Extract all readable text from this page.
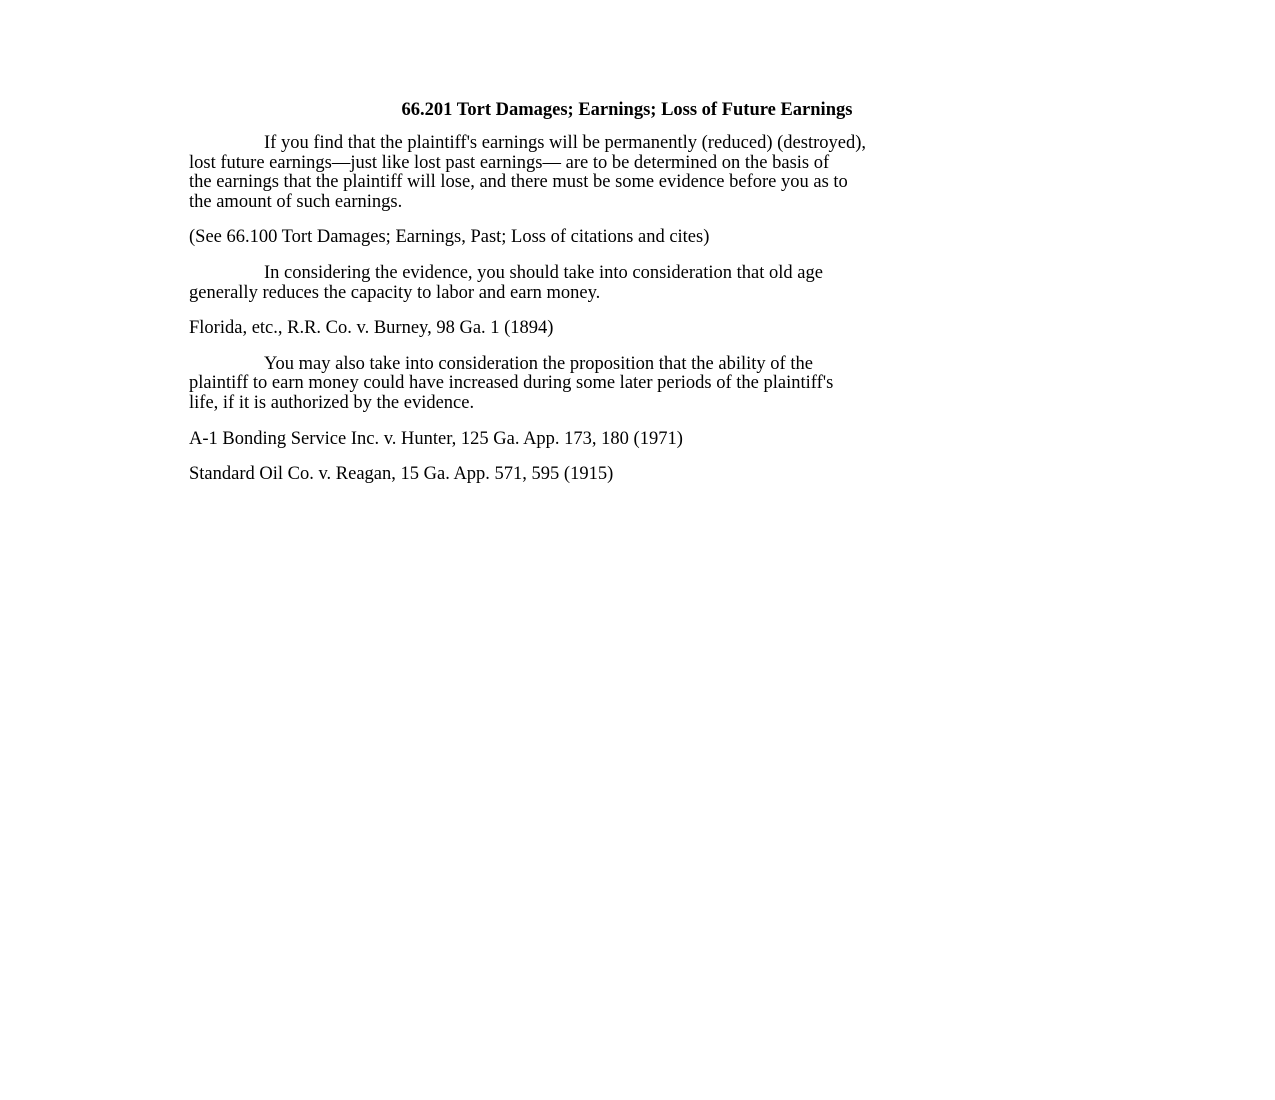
66.201 Tort Damages; Earnings; Loss of Future Earnings
If you find that the plaintiff's earnings will be permanently (reduced) (destroyed),
lost future earnings—just like lost past earnings— are to be determined on the basis of
the earnings that the plaintiff will lose, and there must be some evidence before you as to
the amount of such earnings.
(See 66.100 Tort Damages; Earnings, Past; Loss of citations and cites)
In considering the evidence, you should take into consideration that old age
generally reduces the capacity to labor and earn money.
Florida, etc., R.R. Co. v. Burney, 98 Ga. 1 (1894)
You may also take into consideration the proposition that the ability of the
plaintiff to earn money could have increased during some later periods of the plaintiff's
life, if it is authorized by the evidence.
A-1 Bonding Service Inc. v. Hunter, 125 Ga. App. 173, 180 (1971)
Standard Oil Co. v. Reagan, 15 Ga. App. 571, 595 (1915)
